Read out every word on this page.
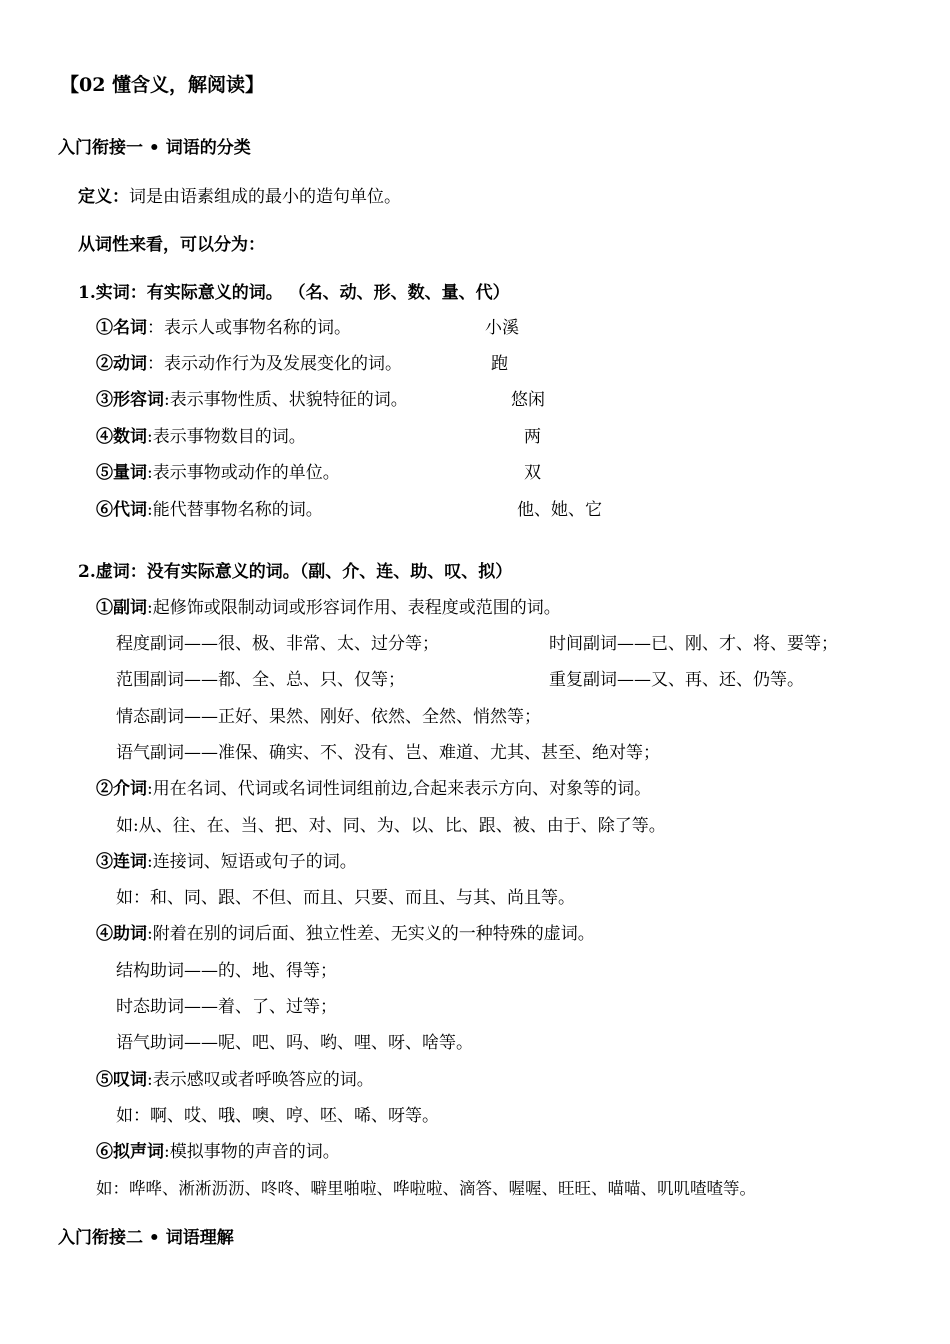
【02 懂含义，解阅读】
入门衔接一 • 词语的分类
定义：词是由语素组成的最小的造句单位。
从词性来看，可以分为：
1.实词：有实际意义的词。 （名、动、形、数、量、代）
①名词：表示人或事物名称的词。	小溪
②动词：表示动作行为及发展变化的词。	跑
③形容词:表示事物性质、状貌特征的词。	悠闲
④数词:表示事物数目的词。	两
⑤量词:表示事物或动作的单位。	双
⑥代词:能代替事物名称的词。	他、她、它
2.虚词：没有实际意义的词。（副、介、连、助、叹、拟）
①副词:起修饰或限制动词或形容词作用、表程度或范围的词。
程度副词——很、极、非常、太、过分等；	时间副词——已、刚、才、将、要等；
范围副词——都、全、总、只、仅等；	重复副词——又、再、还、仍等。
情态副词——正好、果然、刚好、依然、全然、悄然等；
语气副词——准保、确实、不、没有、岂、难道、尤其、甚至、绝对等；
②介词:用在名词、代词或名词性词组前边,合起来表示方向、对象等的词。
如:从、往、在、当、把、对、同、为、以、比、跟、被、由于、除了等。
③连词:连接词、短语或句子的词。
如：和、同、跟、不但、而且、只要、而且、与其、尚且等。
④助词:附着在别的词后面、独立性差、无实义的一种特殊的虚词。
结构助词——的、地、得等；
时态助词——着、了、过等；
语气助词——呢、吧、吗、哟、哩、呀、啥等。
⑤叹词:表示感叹或者呼唤答应的词。
如：啊、哎、哦、噢、哼、呸、唏、呀等。
⑥拟声词:模拟事物的声音的词。
如：哗哗、淅淅沥沥、咚咚、噼里啪啦、哗啦啦、滴答、喔喔、旺旺、喵喵、叽叽喳喳等。
入门衔接二 • 词语理解
